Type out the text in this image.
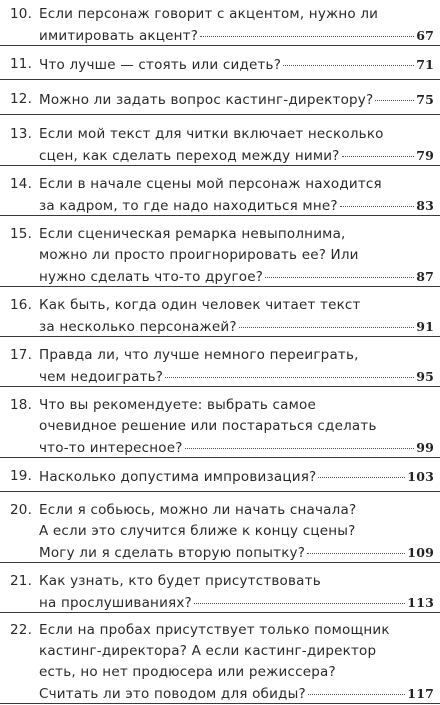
10. Если персонаж говорит с акцентом, нужно ли
имитировать акцент?	67
11. Что лучше — стоять или сидеть?	71
12. Можно ли задать вопрос кастинг-директору?	75
13. Если мой текст для читки включает несколько
сцен, как сделать переход между ними?	79
14. Если в начале сцены мой персонаж находится
за кадром, то где надо находиться мне?	83
15. Если сценическая ремарка невыполнима,
можно ли просто проигнорировать ее? Или
нужно сделать что-то другое?	87
16. Как быть, когда один человек читает текст
за несколько персонажей?	91
17. Правда ли, что лучше немного переиграть,
чем недоиграть?	95
18. Что вы рекомендуете: выбрать самое
очевидное решение или постараться сделать
что-то интересное?	99
19. Насколько допустима импровизация?	103
20. Если я собьюсь, можно ли начать сначала?
А если это случится ближе к концу сцены?
Могу ли я сделать вторую попытку?	109
21. Как узнать, кто будет присутствовать
на прослушиваниях?	113
22. Если на пробах присутствует только помощник
кастинг-директора? А если кастинг-директор
есть, но нет продюсера или режиссера?
Считать ли это поводом для обиды?	117
